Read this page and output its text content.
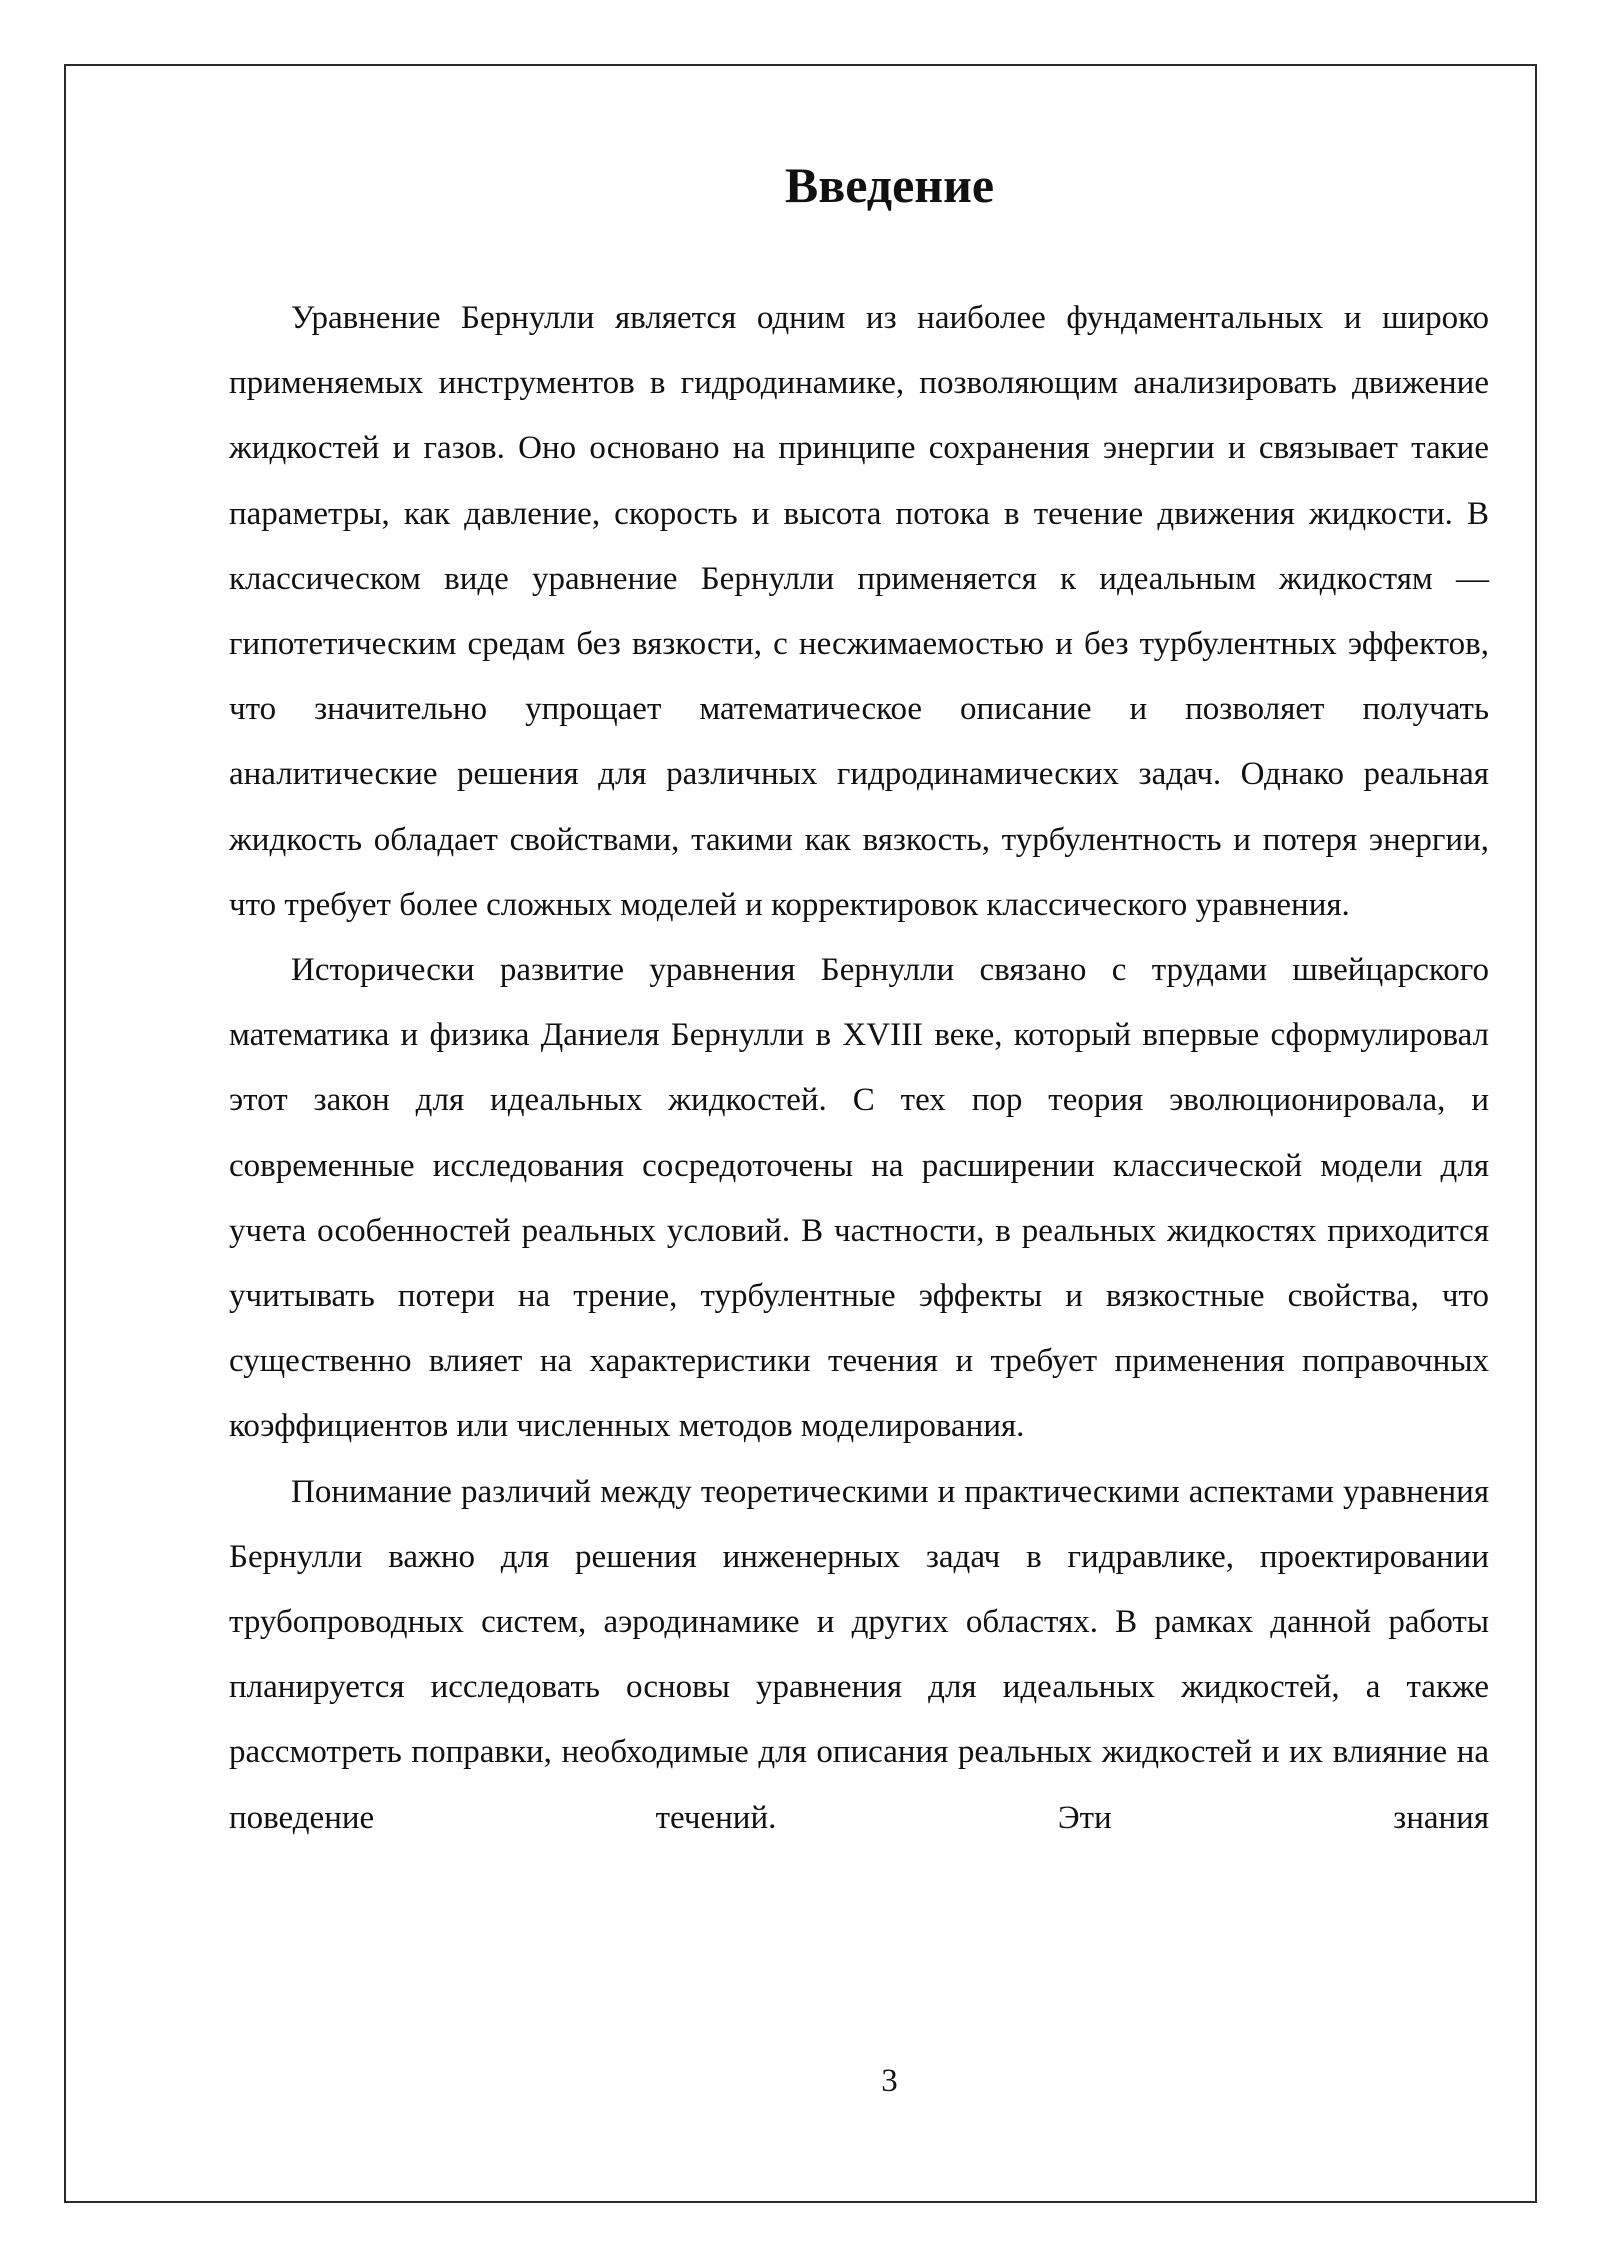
Введение

Уравнение Бернулли является одним из наиболее фундаментальных и широко применяемых инструментов в гидродинамике, позволяющим анализировать движение жидкостей и газов. Оно основано на принципе сохранения энергии и связывает такие параметры, как давление, скорость и высота потока в течение движения жидкости. В классическом виде уравнение Бернулли применяется к идеальным жидкостям — гипотетическим средам без вязкости, с несжимаемостью и без турбулентных эффектов, что значительно упрощает математическое описание и позволяет получать аналитические решения для различных гидродинамических задач. Однако реальная жидкость обладает свойствами, такими как вязкость, турбулентность и потеря энергии, что требует более сложных моделей и корректировок классического уравнения.

Исторически развитие уравнения Бернулли связано с трудами швейцарского математика и физика Даниеля Бернулли в XVIII веке, который впервые сформулировал этот закон для идеальных жидкостей. С тех пор теория эволюционировала, и современные исследования сосредоточены на расширении классической модели для учета особенностей реальных условий. В частности, в реальных жидкостях приходится учитывать потери на трение, турбулентные эффекты и вязкостные свойства, что существенно влияет на характеристики течения и требует применения поправочных коэффициентов или численных методов моделирования.

Понимание различий между теоретическими и практическими аспектами уравнения Бернулли важно для решения инженерных задач в гидравлике, проектировании трубопроводных систем, аэродинамике и других областях. В рамках данной работы планируется исследовать основы уравнения для идеальных жидкостей, а также рассмотреть поправки, необходимые для описания реальных жидкостей и их влияние на поведение течений. Эти знания

3
